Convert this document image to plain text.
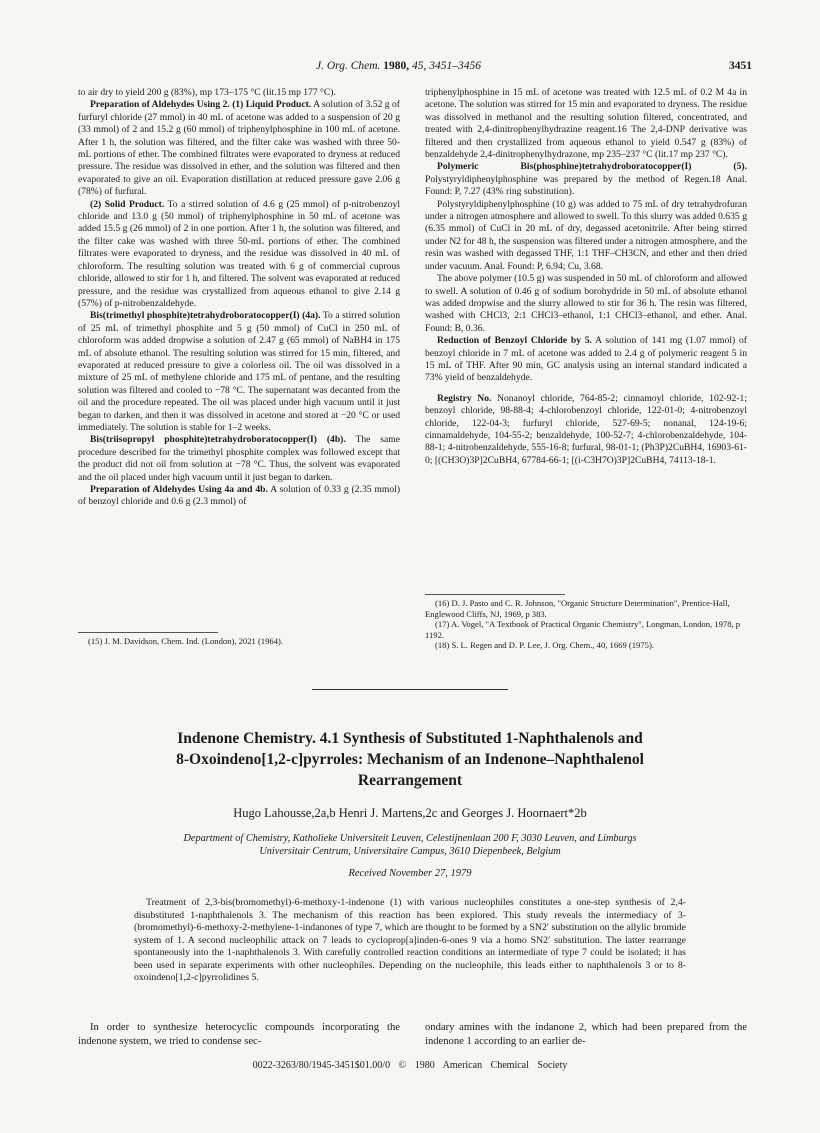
J. Org. Chem. 1980, 45, 3451–3456	3451

to air dry to yield 200 g (83%), mp 173–175 °C (lit.15 mp 177 °C).

Preparation of Aldehydes Using 2. (1) Liquid Product. A solution of 3.52 g of furfuryl chloride (27 mmol) in 40 mL of acetone was added to a suspension of 20 g (33 mmol) of 2 and 15.2 g (60 mmol) of triphenylphosphine in 100 mL of acetone. After 1 h, the solution was filtered, and the filter cake was washed with three 50-mL portions of ether. The combined filtrates were evaporated to dryness at reduced pressure. The residue was dissolved in ether, and the solution was filtered and then evaporated to give an oil. Evaporation distillation at reduced pressure gave 2.06 g (78%) of furfural.

(2) Solid Product. To a stirred solution of 4.6 g (25 mmol) of p-nitrobenzoyl chloride and 13.0 g (50 mmol) of triphenylphosphine in 50 mL of acetone was added 15.5 g (26 mmol) of 2 in one portion. After 1 h, the solution was filtered, and the filter cake was washed with three 50-mL portions of ether. The combined filtrates were evaporated to dryness, and the residue was dissolved in 40 mL of chloroform. The resulting solution was treated with 6 g of commercial cuprous chloride, allowed to stir for 1 h, and filtered. The solvent was evaporated at reduced pressure, and the residue was crystallized from aqueous ethanol to give 2.14 g (57%) of p-nitrobenzaldehyde.

Bis(trimethyl phosphite)tetrahydroboratocopper(I) (4a). To a stirred solution of 25 mL of trimethyl phosphite and 5 g (50 mmol) of CuCl in 250 mL of chloroform was added dropwise a solution of 2.47 g (65 mmol) of NaBH4 in 175 mL of absolute ethanol. The resulting solution was stirred for 15 min, filtered, and evaporated at reduced pressure to give a colorless oil. The oil was dissolved in a mixture of 25 mL of methylene chloride and 175 mL of pentane, and the resulting solution was filtered and cooled to −78 °C. The supernatant was decanted from the oil and the procedure repeated. The oil was placed under high vacuum until it just began to darken, and then it was dissolved in acetone and stored at −20 °C or used immediately. The solution is stable for 1–2 weeks.

Bis(triisopropyl phosphite)tetrahydroboratocopper(I) (4b). The same procedure described for the trimethyl phosphite complex was followed except that the product did not oil from solution at −78 °C. Thus, the solvent was evaporated and the oil placed under high vacuum until it just began to darken.

Preparation of Aldehydes Using 4a and 4b. A solution of 0.33 g (2.35 mmol) of benzoyl chloride and 0.6 g (2.3 mmol) of

triphenylphosphine in 15 mL of acetone was treated with 12.5 mL of 0.2 M 4a in acetone. The solution was stirred for 15 min and evaporated to dryness. The residue was dissolved in methanol and the resulting solution filtered, concentrated, and treated with 2,4-dinitrophenylhydrazine reagent.16 The 2,4-DNP derivative was filtered and then crystallized from aqueous ethanol to yield 0.547 g (83%) of benzaldehyde 2,4-dinitrophenylhydrazone, mp 235–237 °C (lit.17 mp 237 °C).

Polymeric Bis(phosphine)tetrahydroboratocopper(I) (5). Polystyryldiphenylphosphine was prepared by the method of Regen.18 Anal. Found: P, 7.27 (43% ring substitution).

Polystyryldiphenylphosphine (10 g) was added to 75 mL of dry tetrahydrofuran under a nitrogen atmosphere and allowed to swell. To this slurry was added 0.635 g (6.35 mmol) of CuCl in 20 mL of dry, degassed acetonitrile. After being stirred under N2 for 48 h, the suspension was filtered under a nitrogen atmosphere, and the resin was washed with degassed THF, 1:1 THF–CH3CN, and ether and then dried under vacuum. Anal. Found: P, 6.94; Cu, 3.68.

The above polymer (10.5 g) was suspended in 50 mL of chloroform and allowed to swell. A solution of 0.46 g of sodium borohydride in 50 mL of absolute ethanol was added dropwise and the slurry allowed to stir for 36 h. The resin was filtered, washed with CHCl3, 2:1 CHCl3–ethanol, 1:1 CHCl3–ethanol, and ether. Anal. Found: B, 0.36.

Reduction of Benzoyl Chloride by 5. A solution of 141 mg (1.07 mmol) of benzoyl chloride in 7 mL of acetone was added to 2.4 g of polymeric reagent 5 in 15 mL of THF. After 90 min, GC analysis using an internal standard indicated a 73% yield of benzaldehyde.

Registry No. Nonanoyl chloride, 764-85-2; cinnamoyl chloride, 102-92-1; benzoyl chloride, 98-88-4; 4-chlorobenzoyl chloride, 122-01-0; 4-nitrobenzoyl chloride, 122-04-3; furfuryl chloride, 527-69-5; nonanal, 124-19-6; cinnamaldehyde, 104-55-2; benzaldehyde, 100-52-7; 4-chlorobenzaldehyde, 104-88-1; 4-nitrobenzaldehyde, 555-16-8; furfural, 98-01-1; (Ph3P)2CuBH4, 16903-61-0; [(CH3O)3P]2CuBH4, 67784-66-1; [(i-C3H7O)3P]2CuBH4, 74113-18-1.

(15) J. M. Davidson, Chem. Ind. (London), 2021 (1964).

(16) D. J. Pasto and C. R. Johnson, "Organic Structure Determination", Prentice-Hall, Englewood Cliffs, NJ, 1969, p 383.

(17) A. Vogel, "A Textbook of Practical Organic Chemistry", Longman, London, 1978, p 1192.

(18) S. L. Regen and D. P. Lee, J. Org. Chem., 40, 1669 (1975).

Indenone Chemistry. 4.1 Synthesis of Substituted 1-Naphthalenols and
8-Oxoindeno[1,2-c]pyrroles: Mechanism of an Indenone–Naphthalenol
Rearrangement
Hugo Lahousse,2a,b Henri J. Martens,2c and Georges J. Hoornaert*2b
Department of Chemistry, Katholieke Universiteit Leuven, Celestijnenlaan 200 F, 3030 Leuven, and Limburgs
Universitair Centrum, Universitaire Campus, 3610 Diepenbeek, Belgium
Received November 27, 1979
Treatment of 2,3-bis(bromomethyl)-6-methoxy-1-indenone (1) with various nucleophiles constitutes a one-step synthesis of 2,4-disubstituted 1-naphthalenols 3. The mechanism of this reaction has been explored. This study reveals the intermediacy of 3-(bromomethyl)-6-methoxy-2-methylene-1-indanones of type 7, which are thought to be formed by a SN2′ substitution on the allylic bromide system of 1. A second nucleophilic attack on 7 leads to cycloprop[a]inden-6-ones 9 via a homo SN2′ substitution. The latter rearrange spontaneously into the 1-naphthalenols 3. With carefully controlled reaction conditions an intermediate of type 7 could be isolated; it has been used in separate experiments with other nucleophiles. Depending on the nucleophile, this leads either to naphthalenols 3 or to 8-oxoindeno[1,2-c]pyrrolidines 5.
In order to synthesize heterocyclic compounds incorporating the indenone system, we tried to condense sec-
ondary amines with the indanone 2, which had been prepared from the indenone 1 according to an earlier de-
0022-3263/80/1945-3451$01.00/0 © 1980 American Chemical Society
